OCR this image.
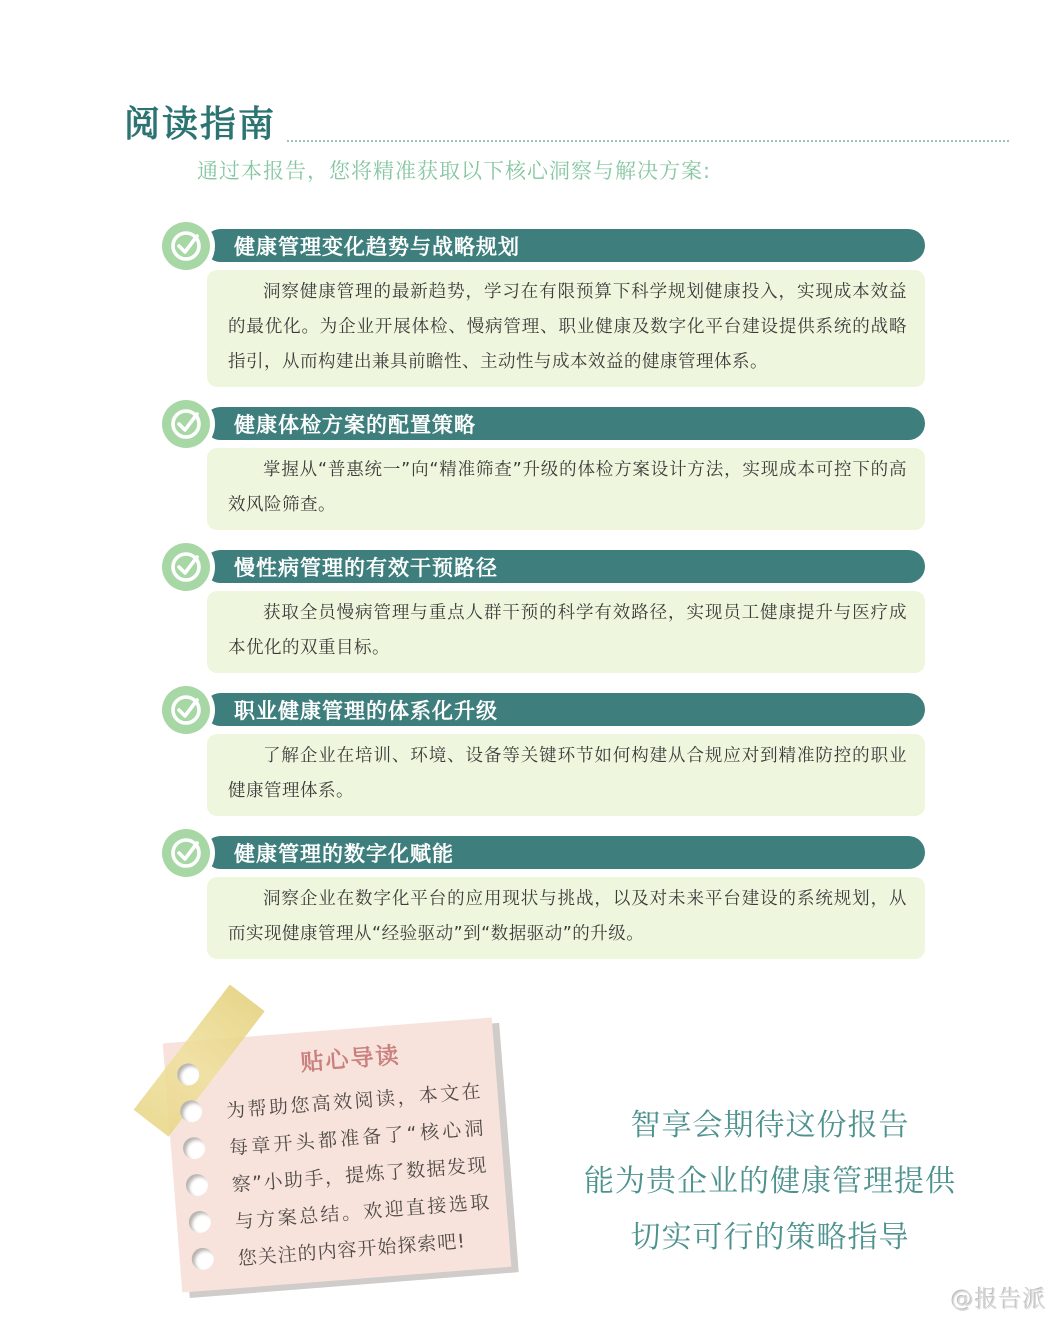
阅读指南
通过本报告，您将精准获取以下核心洞察与解决方案:
健康管理变化趋势与战略规划

洞察健康管理的最新趋势，学习在有限预算下科学规划健康投入，实现成本效益的最优化。为企业开展体检、慢病管理、职业健康及数字化平台建设提供系统的战略指引，从而构建出兼具前瞻性、主动性与成本效益的健康管理体系。

健康体检方案的配置策略

掌握从“普惠统一”向“精准筛查”升级的体检方案设计方法，实现成本可控下的高效风险筛查。

慢性病管理的有效干预路径

获取全员慢病管理与重点人群干预的科学有效路径，实现员工健康提升与医疗成本优化的双重目标。

职业健康管理的体系化升级

了解企业在培训、环境、设备等关键环节如何构建从合规应对到精准防控的职业健康管理体系。

健康管理的数字化赋能

洞察企业在数字化平台的应用现状与挑战，以及对未来平台建设的系统规划，从而实现健康管理从“经验驱动”到“数据驱动”的升级。

贴心导读
为帮助您高效阅读，本文在每章开头都准备了“核心洞察”小助手，提炼了数据发现与方案总结。欢迎直接选取您关注的内容开始探索吧!
智享会期待这份报告
能为贵企业的健康管理提供
切实可行的策略指导
@报告派
